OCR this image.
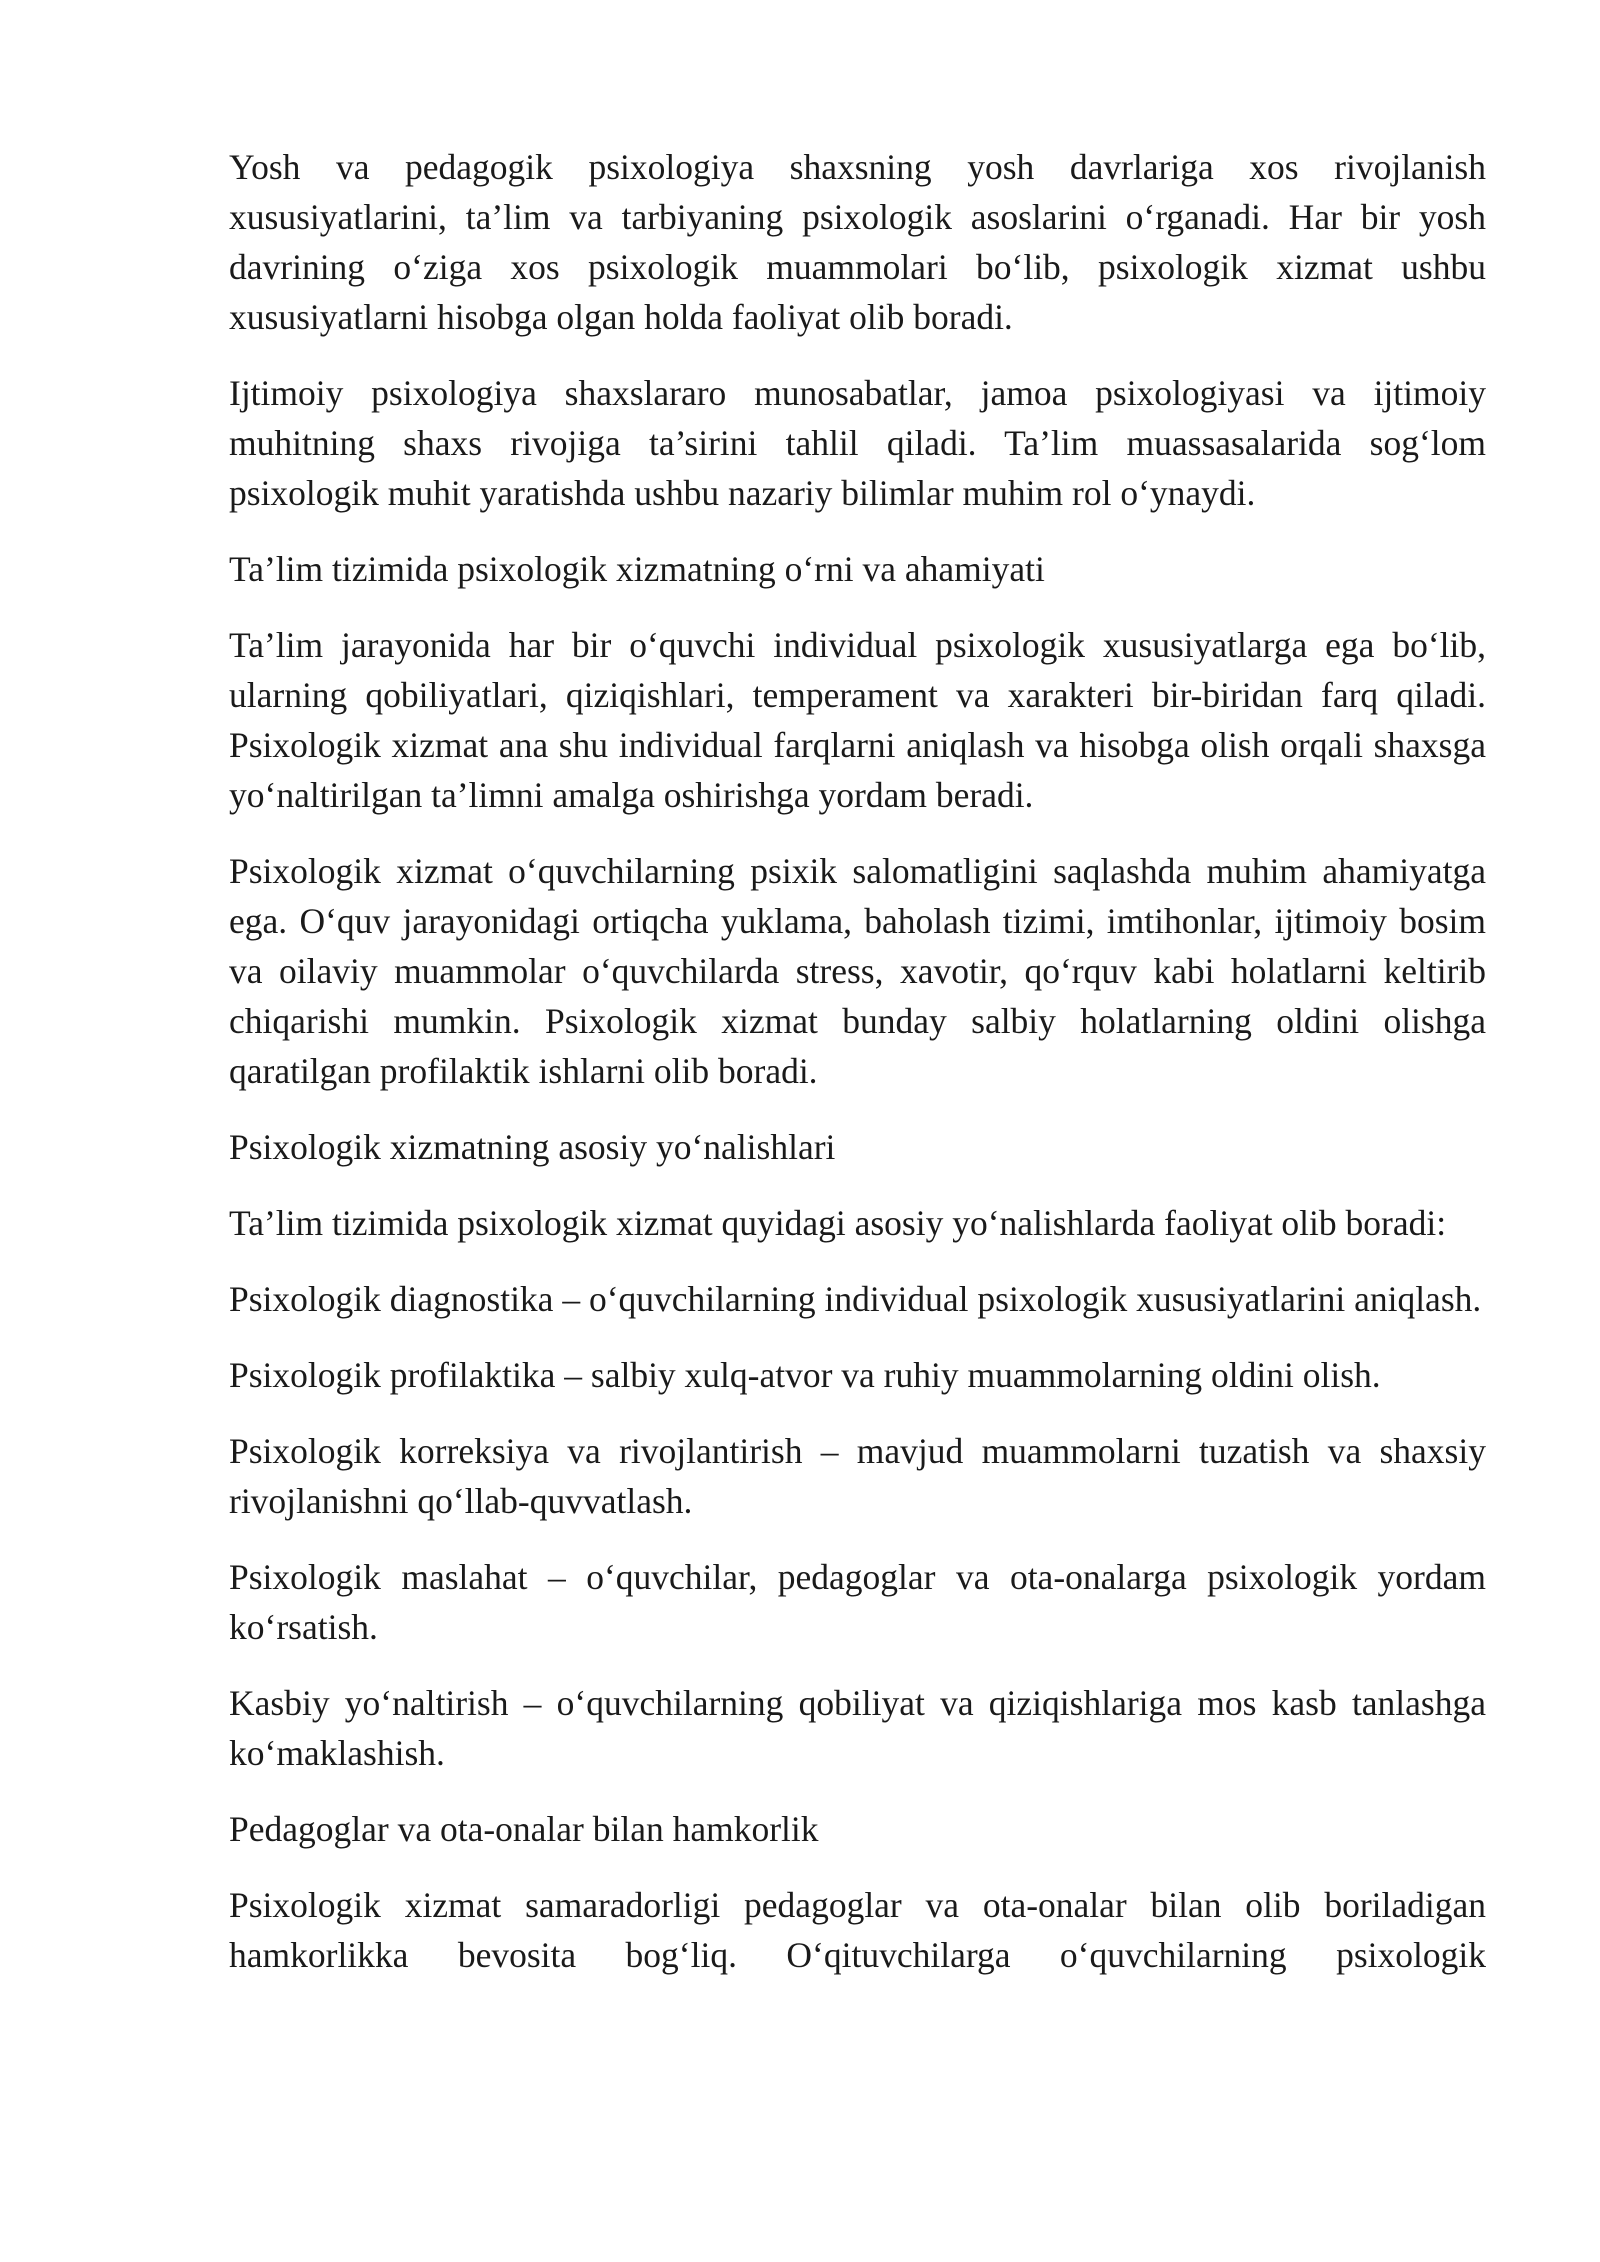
Yosh va pedagogik psixologiya shaxsning yosh davrlariga xos rivojlanish xususiyatlarini, ta’lim va tarbiyaning psixologik asoslarini o‘rganadi. Har bir yosh davrining o‘ziga xos psixologik muammolari bo‘lib, psixologik xizmat ushbu xususiyatlarni hisobga olgan holda faoliyat olib boradi.

Ijtimoiy psixologiya shaxslararo munosabatlar, jamoa psixologiyasi va ijtimoiy muhitning shaxs rivojiga ta’sirini tahlil qiladi. Ta’lim muassasalarida sog‘lom psixologik muhit yaratishda ushbu nazariy bilimlar muhim rol o‘ynaydi.

Ta’lim tizimida psixologik xizmatning o‘rni va ahamiyati

Ta’lim jarayonida har bir o‘quvchi individual psixologik xususiyatlarga ega bo‘lib, ularning qobiliyatlari, qiziqishlari, temperament va xarakteri bir-biridan farq qiladi. Psixologik xizmat ana shu individual farqlarni aniqlash va hisobga olish orqali shaxsga yo‘naltirilgan ta’limni amalga oshirishga yordam beradi.

Psixologik xizmat o‘quvchilarning psixik salomatligini saqlashda muhim ahamiyatga ega. O‘quv jarayonidagi ortiqcha yuklama, baholash tizimi, imtihonlar, ijtimoiy bosim va oilaviy muammolar o‘quvchilarda stress, xavotir, qo‘rquv kabi holatlarni keltirib chiqarishi mumkin. Psixologik xizmat bunday salbiy holatlarning oldini olishga qaratilgan profilaktik ishlarni olib boradi.

Psixologik xizmatning asosiy yo‘nalishlari

Ta’lim tizimida psixologik xizmat quyidagi asosiy yo‘nalishlarda faoliyat olib boradi:

Psixologik diagnostika – o‘quvchilarning individual psixologik xususiyatlarini aniqlash.

Psixologik profilaktika – salbiy xulq-atvor va ruhiy muammolarning oldini olish.

Psixologik korreksiya va rivojlantirish – mavjud muammolarni tuzatish va shaxsiy rivojlanishni qo‘llab-quvvatlash.

Psixologik maslahat – o‘quvchilar, pedagoglar va ota-onalarga psixologik yordam ko‘rsatish.

Kasbiy yo‘naltirish – o‘quvchilarning qobiliyat va qiziqishlariga mos kasb tanlashga ko‘maklashish.

Pedagoglar va ota-onalar bilan hamkorlik

Psixologik xizmat samaradorligi pedagoglar va ota-onalar bilan olib boriladigan hamkorlikka bevosita bog‘liq. O‘qituvchilarga o‘quvchilarning psixologik
